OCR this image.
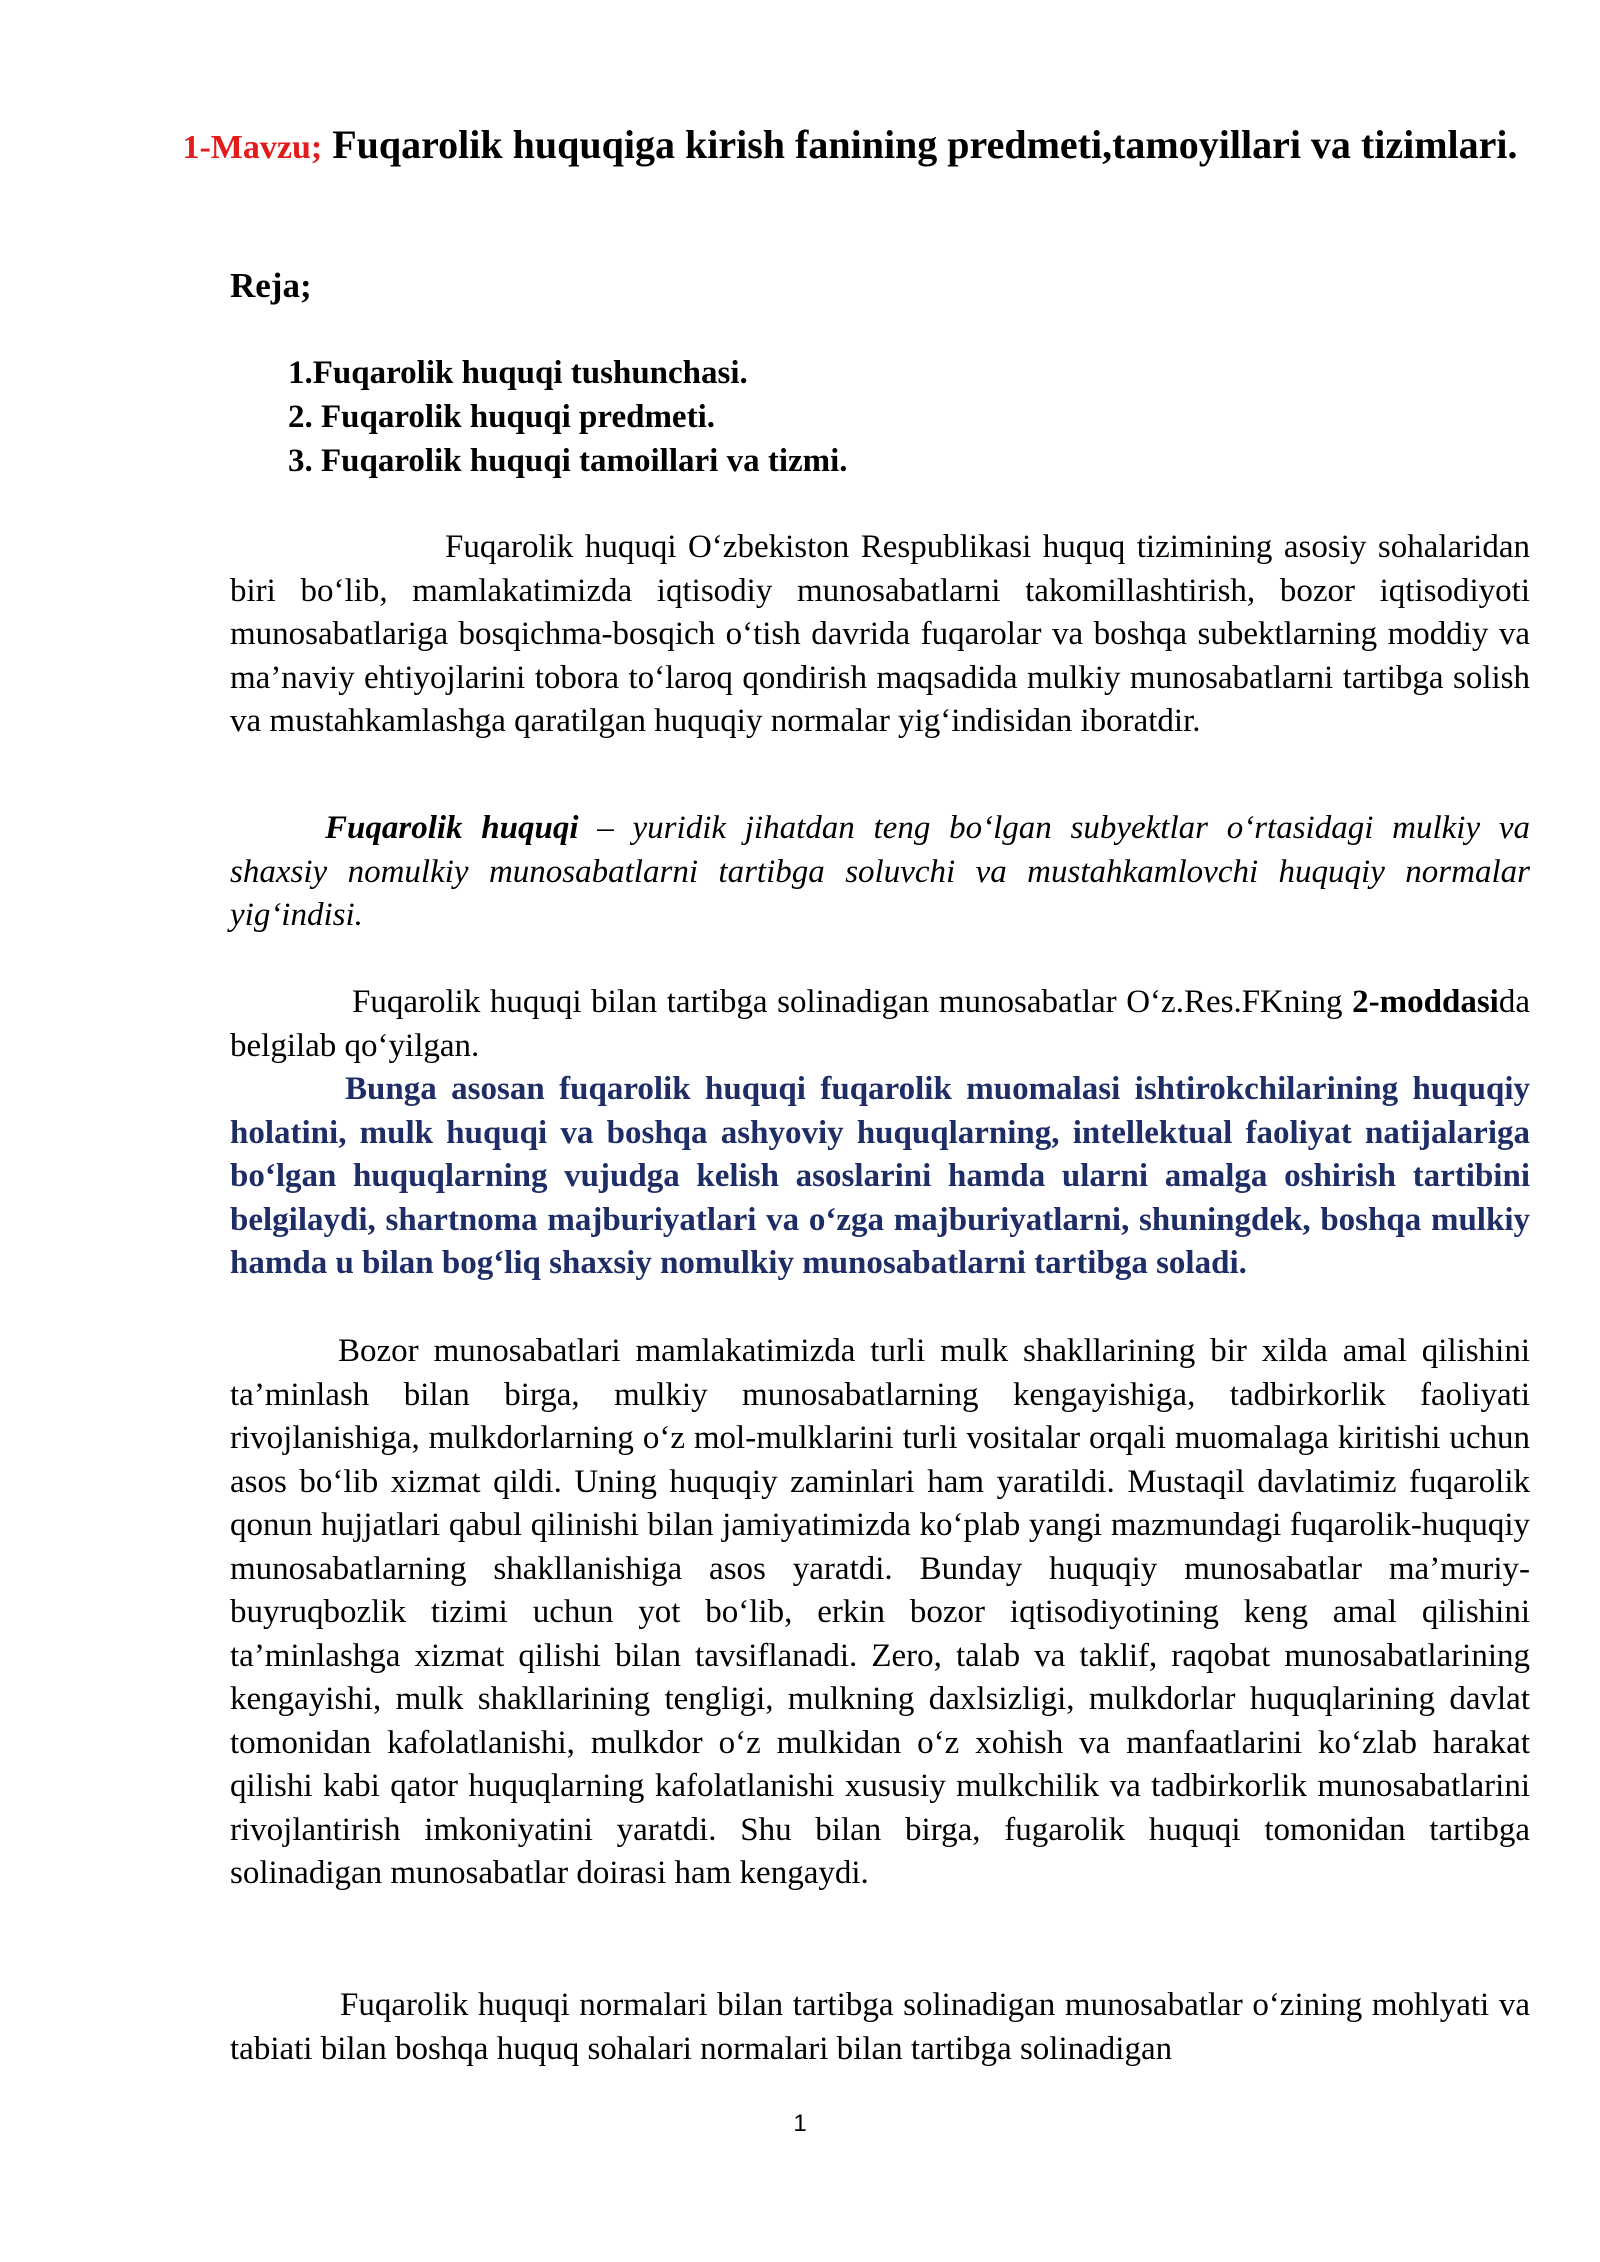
1-Mavzu; Fuqarolik huquqiga kirish fanining predmeti,tamoyillari va tizimlari.
Reja;
1.Fuqarolik huquqi tushunchasi.
2. Fuqarolik huquqi predmeti.
3. Fuqarolik huquqi tamoillari va tizmi.
Fuqarolik huquqi O‘zbekiston Respublikasi huquq tizimining asosiy sohalaridan biri bo‘lib, mamlakatimizda iqtisodiy munosabatlarni takomillashtirish, bozor iqtisodiyoti munosabatlariga bosqichma-bosqich o‘tish davrida fuqarolar va boshqa subektlarning moddiy va ma’naviy ehtiyojlarini tobora to‘laroq qondirish maqsadida mulkiy munosabatlarni tartibga solish va mustahkamlashga qaratilgan huquqiy normalar yig‘indisidan iboratdir.
Fuqarolik huquqi – yuridik jihatdan teng bo‘lgan subyektlar o‘rtasidagi mulkiy va shaxsiy nomulkiy munosabatlarni tartibga soluvchi va mustahkamlovchi huquqiy normalar yig‘indisi.
Fuqarolik huquqi bilan tartibga solinadigan munosabatlar O‘z.Res.FKning 2-moddasida belgilab qo‘yilgan.
Bunga asosan fuqarolik huquqi fuqarolik muomalasi ishtirokchilarining huquqiy holatini, mulk huquqi va boshqa ashyoviy huquqlarning, intellektual faoliyat natijalariga bo‘lgan huquqlarning vujudga kelish asoslarini hamda ularni amalga oshirish tartibini belgilaydi, shartnoma majburiyatlari va o‘zga majburiyatlarni, shuningdek, boshqa mulkiy hamda u bilan bog‘liq shaxsiy nomulkiy munosabatlarni tartibga soladi.
Bozor munosabatlari mamlakatimizda turli mulk shakllarining bir xilda amal qilishini ta’minlash bilan birga, mulkiy munosabatlarning kengayishiga, tadbirkorlik faoliyati rivojlanishiga, mulkdorlarning o‘z mol-mulklarini turli vositalar orqali muomalaga kiritishi uchun asos bo‘lib xizmat qildi. Uning huquqiy zaminlari ham yaratildi. Mustaqil davlatimiz fuqarolik qonun hujjatlari qabul qilinishi bilan jamiyatimizda ko‘plab yangi mazmundagi fuqarolik-huquqiy munosabatlarning shakllanishiga asos yaratdi. Bunday huquqiy munosabatlar ma’muriy- buyruqbozlik tizimi uchun yot bo‘lib, erkin bozor iqtisodiyotining keng amal qilishini ta’minlashga xizmat qilishi bilan tavsiflanadi. Zero, talab va taklif, raqobat munosabatlarining kengayishi, mulk shakllarining tengligi, mulkning daxlsizligi, mulkdorlar huquqlarining davlat tomonidan kafolatlanishi, mulkdor o‘z mulkidan o‘z xohish va manfaatlarini ko‘zlab harakat qilishi kabi qator huquqlarning kafolatlanishi xususiy mulkchilik va tadbirkorlik munosabatlarini rivojlantirish imkoniyatini yaratdi. Shu bilan birga, fugarolik huquqi tomonidan tartibga solinadigan munosabatlar doirasi ham kengaydi.
Fuqarolik huquqi normalari bilan tartibga solinadigan munosabatlar o‘zining mohlyati va tabiati bilan boshqa huquq sohalari normalari bilan tartibga solinadigan
1
